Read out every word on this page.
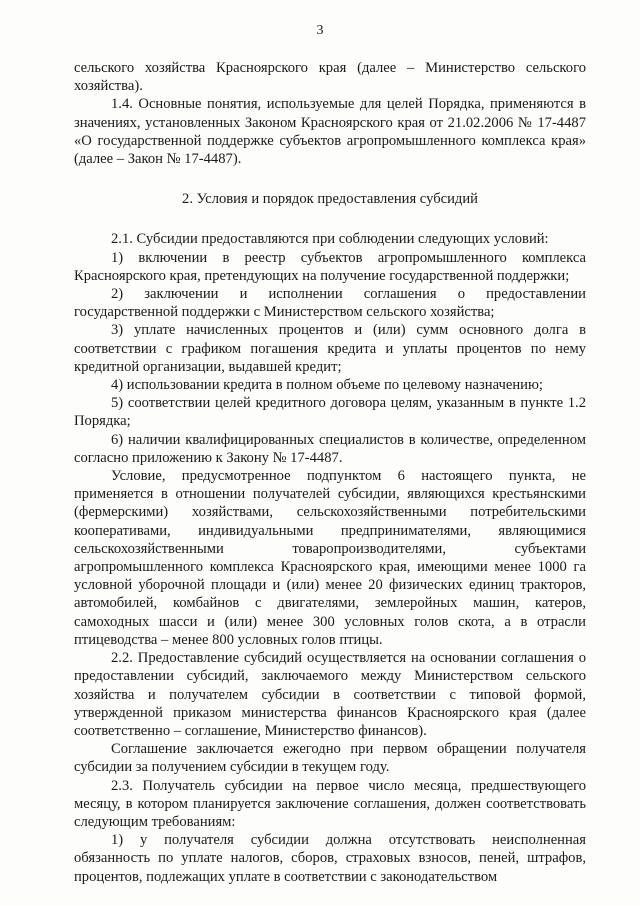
3

сельского хозяйства Красноярского края (далее – Министерство сельского хозяйства).

1.4. Основные понятия, используемые для целей Порядка, применяются в значениях, установленных Законом Красноярского края от 21.02.2006 № 17-4487 «О государственной поддержке субъектов агропромышленного комплекса края» (далее – Закон № 17-4487).

2. Условия и порядок предоставления субсидий

2.1. Субсидии предоставляются при соблюдении следующих условий:

1) включении в реестр субъектов агропромышленного комплекса Красноярского края, претендующих на получение государственной поддержки;

2) заключении и исполнении соглашения о предоставлении государственной поддержки с Министерством сельского хозяйства;

3) уплате начисленных процентов и (или) сумм основного долга в соответствии с графиком погашения кредита и уплаты процентов по нему кредитной организации, выдавшей кредит;

4) использовании кредита в полном объеме по целевому назначению;

5) соответствии целей кредитного договора целям, указанным в пункте 1.2 Порядка;

6) наличии квалифицированных специалистов в количестве, определенном согласно приложению к Закону № 17-4487.

Условие, предусмотренное подпунктом 6 настоящего пункта, не применяется в отношении получателей субсидии, являющихся крестьянскими (фермерскими) хозяйствами, сельскохозяйственными потребительскими кооперативами, индивидуальными предпринимателями, являющимися сельскохозяйственными товаропроизводителями, субъектами агропромышленного комплекса Красноярского края, имеющими менее 1000 га условной уборочной площади и (или) менее 20 физических единиц тракторов, автомобилей, комбайнов с двигателями, землеройных машин, катеров, самоходных шасси и (или) менее 300 условных голов скота, а в отрасли птицеводства – менее 800 условных голов птицы.

2.2. Предоставление субсидий осуществляется на основании соглашения о предоставлении субсидий, заключаемого между Министерством сельского хозяйства и получателем субсидии в соответствии с типовой формой, утвержденной приказом министерства финансов Красноярского края (далее соответственно – соглашение, Министерство финансов).

Соглашение заключается ежегодно при первом обращении получателя субсидии за получением субсидии в текущем году.

2.3. Получатель субсидии на первое число месяца, предшествующего месяцу, в котором планируется заключение соглашения, должен соответствовать следующим требованиям:

1) у получателя субсидии должна отсутствовать неисполненная обязанность по уплате налогов, сборов, страховых взносов, пеней, штрафов, процентов, подлежащих уплате в соответствии с законодательством
